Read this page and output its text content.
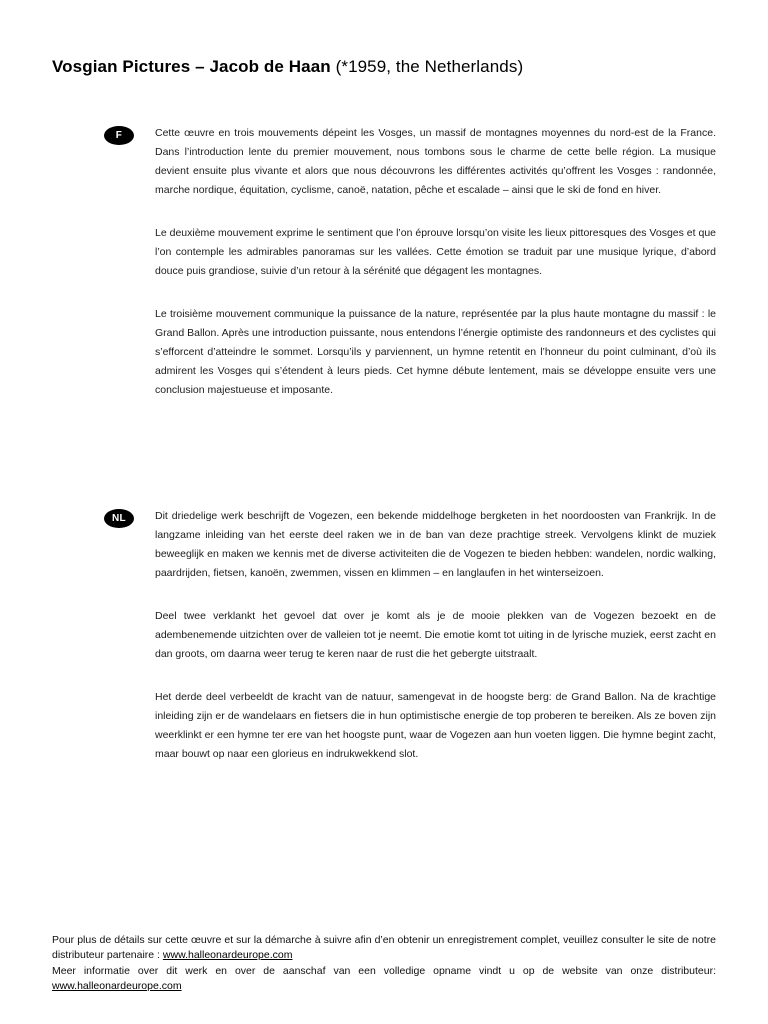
Vosgian Pictures – Jacob de Haan (*1959, the Netherlands)
F	Cette œuvre en trois mouvements dépeint les Vosges, un massif de montagnes moyennes du nord-est de la France. Dans l’introduction lente du premier mouvement, nous tombons sous le charme de cette belle région. La musique devient ensuite plus vivante et alors que nous découvrons les différentes activités qu’offrent les Vosges : randonnée, marche nordique, équitation, cyclisme, canoë, natation, pêche et escalade – ainsi que le ski de fond en hiver.

Le deuxième mouvement exprime le sentiment que l’on éprouve lorsqu’on visite les lieux pittoresques des Vosges et que l’on contemple les admirables panoramas sur les vallées. Cette émotion se traduit par une musique lyrique, d’abord douce puis grandiose, suivie d’un retour à la sérénité que dégagent les montagnes.

Le troisième mouvement communique la puissance de la nature, représentée par la plus haute montagne du massif : le Grand Ballon. Après une introduction puissante, nous entendons l’énergie optimiste des randonneurs et des cyclistes qui s’efforcent d’atteindre le sommet. Lorsqu’ils y parviennent, un hymne retentit en l’honneur du point culminant, d’où ils admirent les Vosges qui s’étendent à leurs pieds. Cet hymne débute lentement, mais se développe ensuite vers une conclusion majestueuse et imposante.

NL	Dit driedelige werk beschrijft de Vogezen, een bekende middelhoge bergketen in het noordoosten van Frankrijk. In de langzame inleiding van het eerste deel raken we in de ban van deze prachtige streek. Vervolgens klinkt de muziek beweeglijk en maken we kennis met de diverse activiteiten die de Vogezen te bieden hebben: wandelen, nordic walking, paardrijden, fietsen, kanoën, zwemmen, vissen en klimmen – en langlaufen in het winterseizoen.

Deel twee verklankt het gevoel dat over je komt als je de mooie plekken van de Vogezen bezoekt en de adembenemende uitzichten over de valleien tot je neemt. Die emotie komt tot uiting in de lyrische muziek, eerst zacht en dan groots, om daarna weer terug te keren naar de rust die het gebergte uitstraalt.

Het derde deel verbeeldt de kracht van de natuur, samengevat in de hoogste berg: de Grand Ballon. Na de krachtige inleiding zijn er de wandelaars en fietsers die in hun optimistische energie de top proberen te bereiken. Als ze boven zijn weerklinkt er een hymne ter ere van het hoogste punt, waar de Vogezen aan hun voeten liggen. Die hymne begint zacht, maar bouwt op naar een glorieus en indrukwekkend slot.

Pour plus de détails sur cette œuvre et sur la démarche à suivre afin d’en obtenir un enregistrement complet, veuillez consulter le site de notre distributeur partenaire : www.halleonardeurope.com

Meer informatie over dit werk en over de aanschaf van een volledige opname vindt u op de website van onze distributeur: www.halleonardeurope.com
